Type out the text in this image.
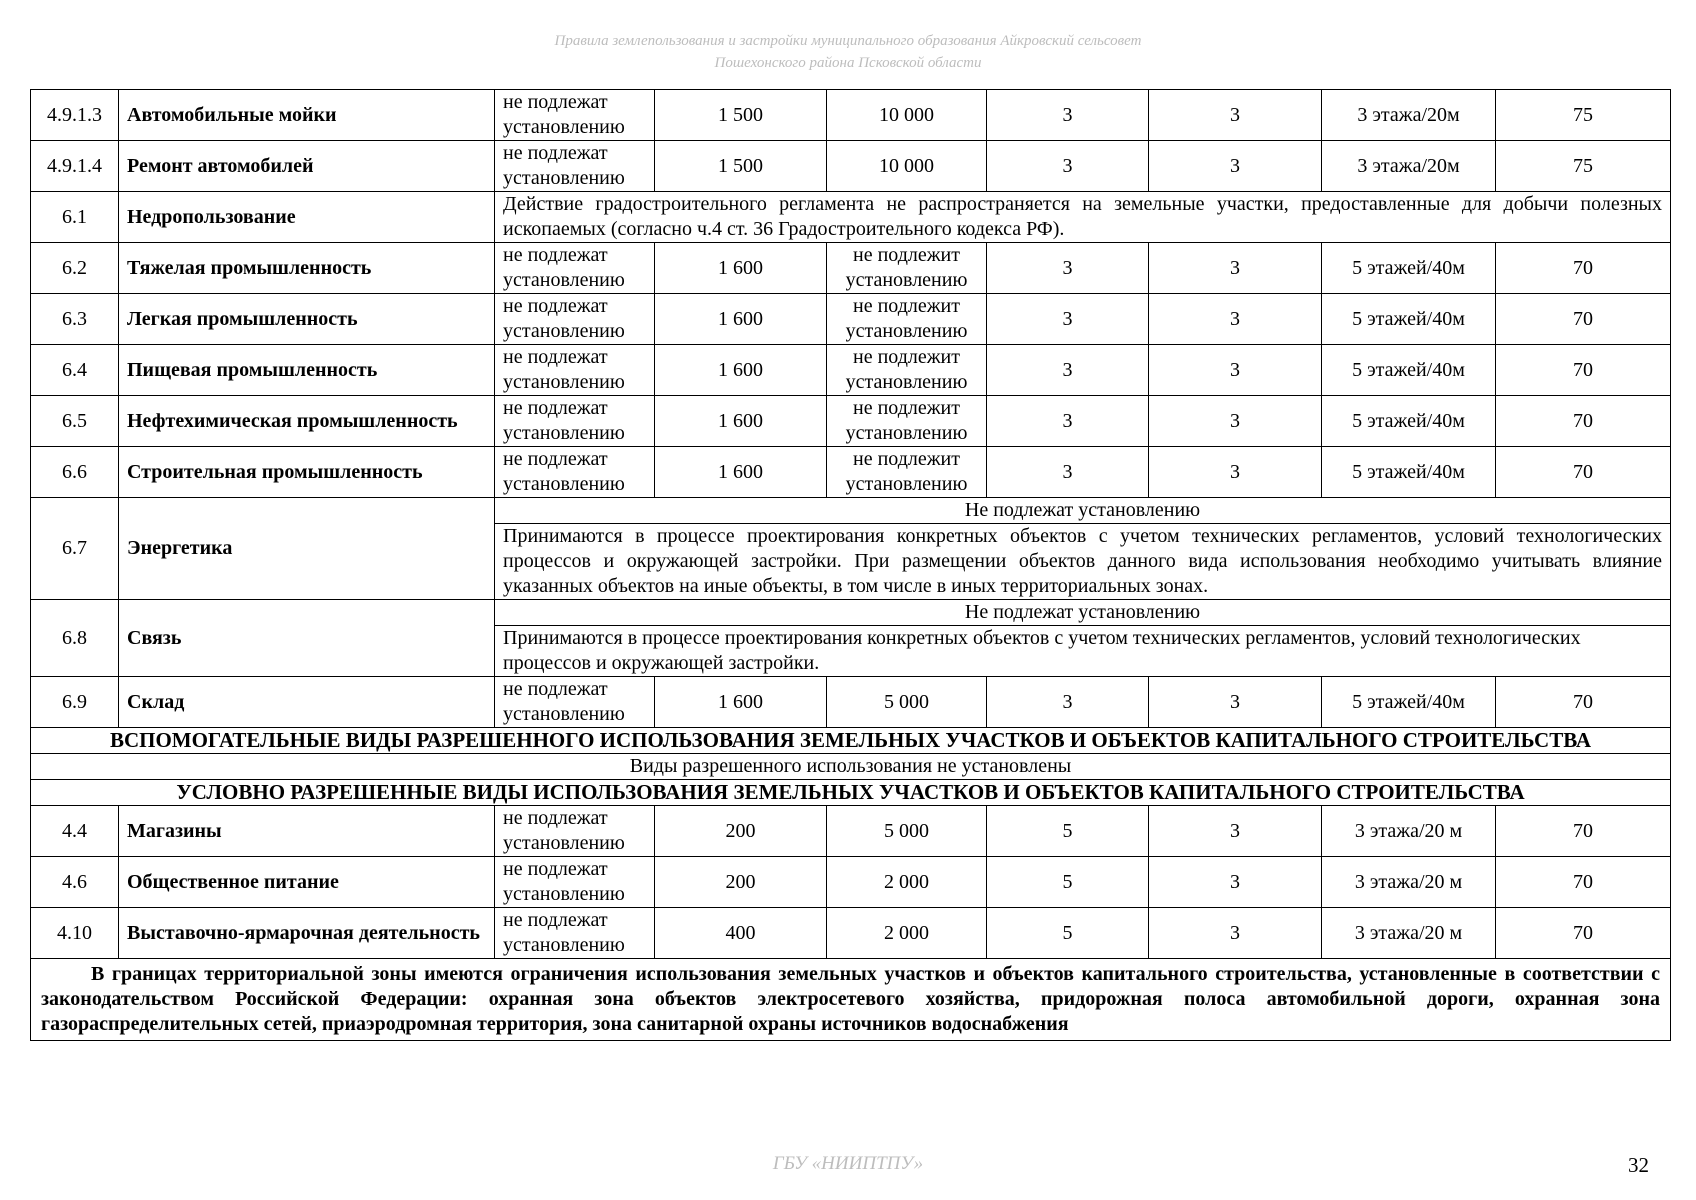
Правила землепользования и застройки муниципального образования Айкровский сельсовет
Пошехонского района Псковской области
4.9.1.3	Автомобильные мойки	не подлежат установлению	1 500	10 000	3	3	3 этажа/20м	75
4.9.1.4	Ремонт автомобилей	не подлежат установлению	1 500	10 000	3	3	3 этажа/20м	75
6.1	Недропользование	Действие градостроительного регламента не распространяется на земельные участки, предоставленные для добычи полезных ископаемых (согласно ч.4 ст. 36 Градостроительного кодекса РФ).						
6.2	Тяжелая промышленность	не подлежат установлению	1 600	не подлежит установлению	3	3	5 этажей/40м	70
6.3	Легкая промышленность	не подлежат установлению	1 600	не подлежит установлению	3	3	5 этажей/40м	70
6.4	Пищевая промышленность	не подлежат установлению	1 600	не подлежит установлению	3	3	5 этажей/40м	70
6.5	Нефтехимическая промышленность	не подлежат установлению	1 600	не подлежит установлению	3	3	5 этажей/40м	70
6.6	Строительная промышленность	не подлежат установлению	1 600	не подлежит установлению	3	3	5 этажей/40м	70
6.7	Энергетика	Не подлежат установлению						
		Принимаются в процессе проектирования конкретных объектов с учетом технических регламентов, условий технологических процессов и окружающей застройки. При размещении объектов данного вида использования необходимо учитывать влияние указанных объектов на иные объекты, в том числе в иных территориальных зонах.						
6.8	Связь	Не подлежат установлению						
		Принимаются в процессе проектирования конкретных объектов с учетом технических регламентов, условий технологических процессов и окружающей застройки.						
6.9	Склад	не подлежат установлению	1 600	5 000	3	3	5 этажей/40м	70
ВСПОМОГАТЕЛЬНЫЕ ВИДЫ РАЗРЕШЕННОГО ИСПОЛЬЗОВАНИЯ ЗЕМЕЛЬНЫХ УЧАСТКОВ И ОБЪЕКТОВ КАПИТАЛЬНОГО СТРОИТЕЛЬСТВА								
Виды разрешенного использования не установлены								
УСЛОВНО РАЗРЕШЕННЫЕ ВИДЫ ИСПОЛЬЗОВАНИЯ ЗЕМЕЛЬНЫХ УЧАСТКОВ И ОБЪЕКТОВ КАПИТАЛЬНОГО СТРОИТЕЛЬСТВА								
4.4	Магазины	не подлежат установлению	200	5 000	5	3	3 этажа/20 м	70
4.6	Общественное питание	не подлежат установлению	200	2 000	5	3	3 этажа/20 м	70
4.10	Выставочно-ярмарочная деятельность	не подлежат установлению	400	2 000	5	3	3 этажа/20 м	70
В границах территориальной зоны имеются ограничения использования земельных участков и объектов капитального строительства, установленные в соответствии с законодательством Российской Федерации: охранная зона объектов электросетевого хозяйства, придорожная полоса автомобильной дороги, охранная зона газораспределительных сетей, приаэродромная территория, зона санитарной охраны источников водоснабжения								
ГБУ «НИИПТПУ»	32
